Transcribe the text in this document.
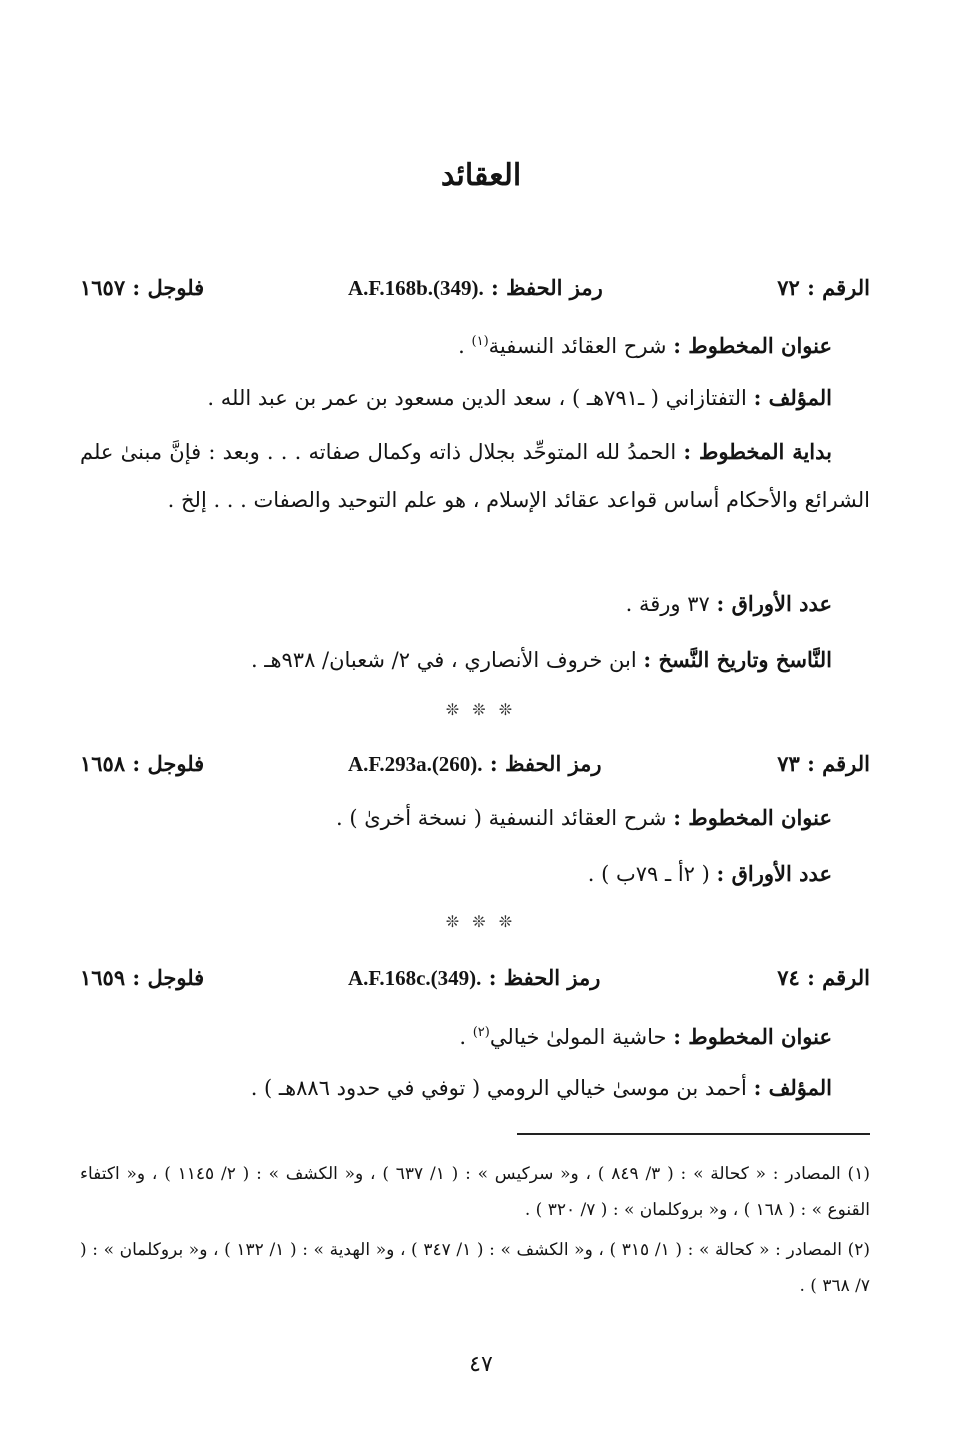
العقائد
الرقم : ٧٢
رمز الحفظ : A.F.168b.(349).
فلوجل : ١٦٥٧
عنوان المخطوط : شرح العقائد النسفية$^{(١)}$ .
المؤلف : التفتازاني ( ـ٧٩١هـ ) ، سعد الدين مسعود بن عمر بن عبد الله .
بداية المخطوط : الحمدُ لله المتوحِّد بجلال ذاته وكمال صفاته . . . وبعد : فإنَّ مبنىٰ علم الشرائع والأحكام أساس قواعد عقائد الإسلام ، هو علم التوحيد والصفات . . . إلخ .
عدد الأوراق : ٣٧ ورقة .
النَّاسخ وتاريخ النَّسخ : ابن خروف الأنصاري ، في ٢/ شعبان/ ٩٣٨هـ .
❊ ❊ ❊
الرقم : ٧٣
رمز الحفظ : A.F.293a.(260).
فلوجل : ١٦٥٨
عنوان المخطوط : شرح العقائد النسفية ( نسخة أخرىٰ ) .
عدد الأوراق : ( ٢أ ـ ٧٩ب ) .
❊ ❊ ❊
الرقم : ٧٤
رمز الحفظ : A.F.168c.(349).
فلوجل : ١٦٥٩
عنوان المخطوط : حاشية المولىٰ خيالي$^{(٢)}$ .
المؤلف : أحمد بن موسىٰ خيالي الرومي ( توفي في حدود ٨٨٦هـ ) .
(١) المصادر : « كحالة » : ( ٣/ ٨٤٩ ) ، و« سركيس » : ( ١/ ٦٣٧ ) ، و« الكشف » : ( ٢/ ١١٤٥ ) ، و« اكتفاء القنوع » : ( ١٦٨ ) ، و« بروكلمان » : ( ٧/ ٣٢٠ ) .
(٢) المصادر : « كحالة » : ( ١/ ٣١٥ ) ، و« الكشف » : ( ١/ ٣٤٧ ) ، و« الهدية » : ( ١/ ١٣٢ ) ، و« بروكلمان » : ( ٧/ ٣٦٨ ) .
٤٧
